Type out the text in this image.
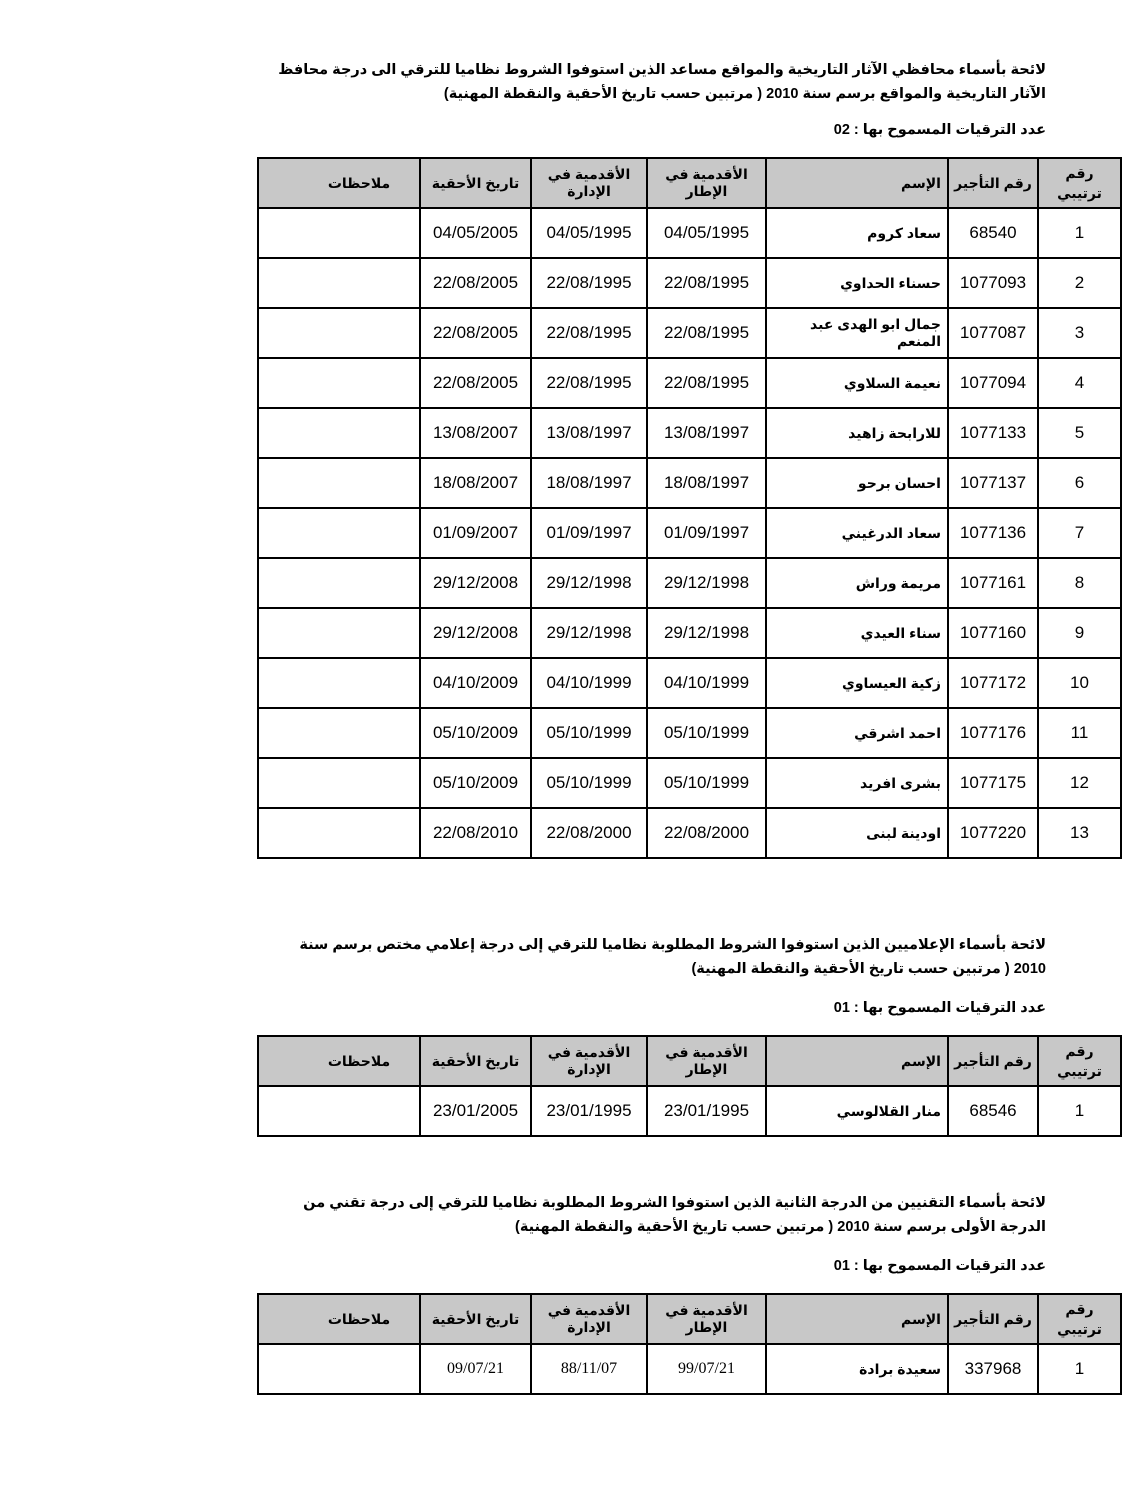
لائحة بأسماء محافظي الآثار التاريخية والمواقع مساعد الذين استوفوا الشروط نظاميا للترقي الى درجة محافظ الآثار التاريخية والمواقع برسم سنة 2010 ( مرتبين حسب تاريخ الأحقية والنقطة المهنية)
عدد الترقيات المسموح بها : 02
رقم ترتيبي	رقم التأجير	الإسم	الأقدمية في الإطار	الأقدمية في الإدارة	تاريخ الأحقية	ملاحظات
1	68540	سعاد كروم	04/05/1995	04/05/1995	04/05/2005	
2	1077093	حسناء الحداوي	22/08/1995	22/08/1995	22/08/2005	
3	1077087	جمال ابو الهدى عبد المنعم	22/08/1995	22/08/1995	22/08/2005	
4	1077094	نعيمة السلاوي	22/08/1995	22/08/1995	22/08/2005	
5	1077133	للارابحة زاهيد	13/08/1997	13/08/1997	13/08/2007	
6	1077137	احسان برحو	18/08/1997	18/08/1997	18/08/2007	
7	1077136	سعاد الدرغيني	01/09/1997	01/09/1997	01/09/2007	
8	1077161	مريمة وراش	29/12/1998	29/12/1998	29/12/2008	
9	1077160	سناء العيدي	29/12/1998	29/12/1998	29/12/2008	
10	1077172	زكية العيساوي	04/10/1999	04/10/1999	04/10/2009	
11	1077176	احمد اشرقي	05/10/1999	05/10/1999	05/10/2009	
12	1077175	بشرى افريد	05/10/1999	05/10/1999	05/10/2009	
13	1077220	اودينة لبنى	22/08/2000	22/08/2000	22/08/2010	
لائحة بأسماء الإعلاميين الذين استوفوا الشروط المطلوبة نظاميا للترقي إلى درجة إعلامي مختص برسم سنة 2010 ( مرتبين حسب تاريخ الأحقية والنقطة المهنية)
عدد الترقيات المسموح بها : 01
رقم ترتيبي	رقم التأجير	الإسم	الأقدمية في الإطار	الأقدمية في الإدارة	تاريخ الأحقية	ملاحظات
1	68546	منار القلالوسي	23/01/1995	23/01/1995	23/01/2005	
لائحة بأسماء التقنيين من الدرجة الثانية الذين استوفوا الشروط المطلوبة نظاميا للترقي إلى درجة تقني من الدرجة الأولى برسم سنة 2010 ( مرتبين حسب تاريخ الأحقية والنقطة المهنية)
عدد الترقيات المسموح بها : 01
رقم ترتيبي	رقم التأجير	الإسم	الأقدمية في الإطار	الأقدمية في الإدارة	تاريخ الأحقية	ملاحظات
1	337968	سعيدة برادة	99/07/21	88/11/07	09/07/21	
